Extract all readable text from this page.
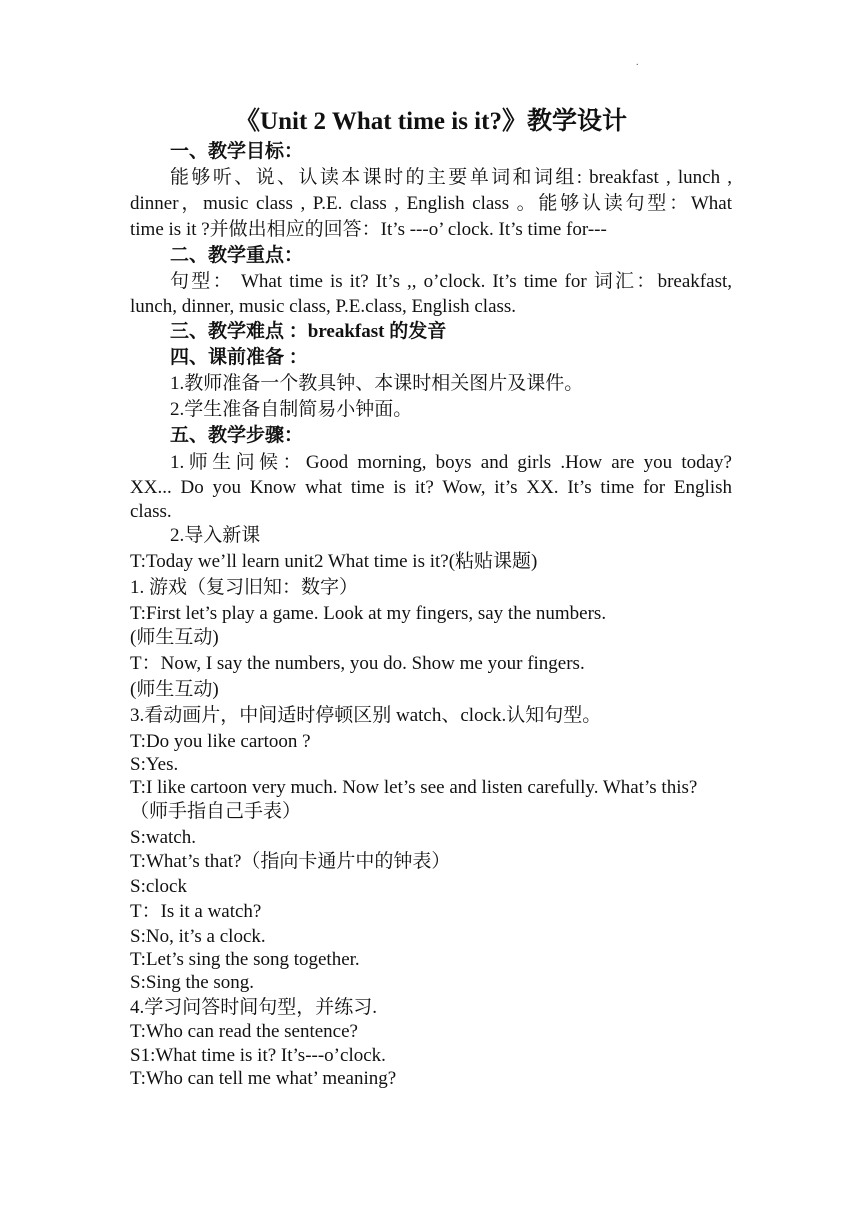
.
《Unit 2 What time is it?》教学设计
一、教学目标：
能够听、说、认读本课时的主要单词和词组: breakfast , lunch ,
dinner，music class , P.E. class , English class 。能够认读句型：What
time is it ?并做出相应的回答：It’s ---o’ clock. It’s time for---
二、教学重点：
句型： What time is it? It’s ,, o’clock. It’s time for 词汇：breakfast,
lunch, dinner, music class, P.E.class, English class.
三、教学难点 ：breakfast 的发音
四、课前准备 ：
1.教师准备一个教具钟、本课时相关图片及课件。
2.学生准备自制简易小钟面。
五、教学步骤：
1.师生问候：Good morning, boys and girls .How are you today?
XX... Do you Know what time is it? Wow, it’s XX. It’s time for English
class.
2.导入新课
T:Today we’ll learn unit2 What time is it?(粘贴课题)
1. 游戏（复习旧知：数字）
T:First let’s play a game. Look at my fingers, say the numbers.
(师生互动)
T：Now, I say the numbers, you do. Show me your fingers.
(师生互动)
3.看动画片，中间适时停顿区别 watch、clock.认知句型。
T:Do you like cartoon ?
S:Yes.
T:I like cartoon very much. Now let’s see and listen carefully. What’s this?
（师手指自己手表）
S:watch.
T:What’s that?（指向卡通片中的钟表）
S:clock
T：Is it a watch?
S:No, it’s a clock.
T:Let’s sing the song together.
S:Sing the song.
4.学习问答时间句型，并练习.
T:Who can read the sentence?
S1:What time is it? It’s---o’clock.
T:Who can tell me what’ meaning?
